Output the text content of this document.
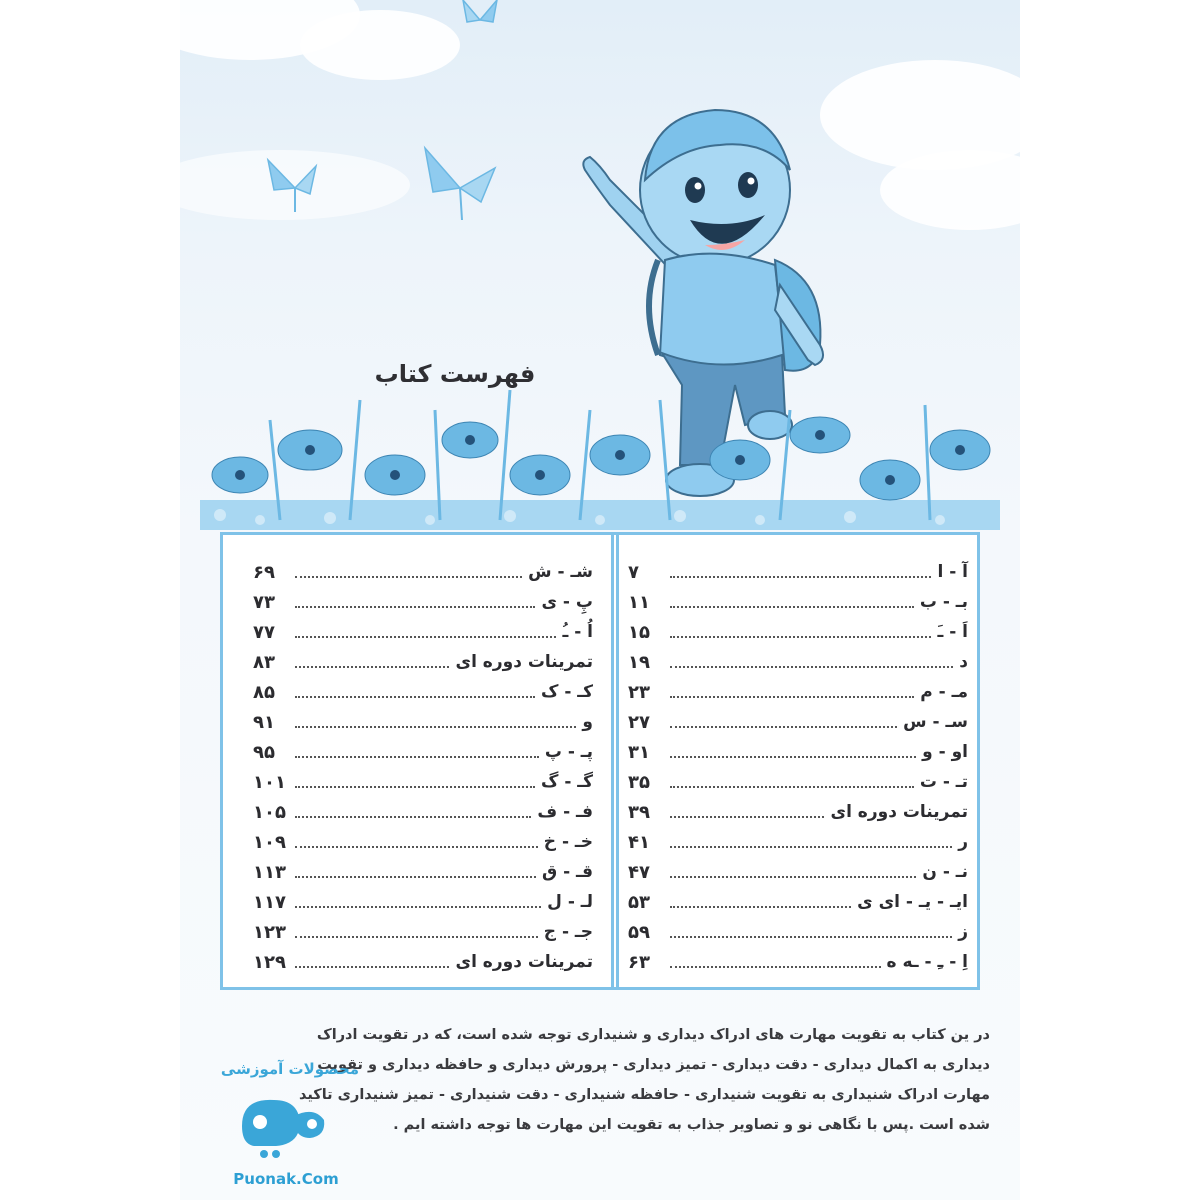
فهرست کتاب
آ - ا
۷
بـ - ب
۱۱
اَ - ـَ
۱۵
د
۱۹
مـ - م
۲۳
سـ - س
۲۷
او - و
۳۱
تـ - ت
۳۵
تمرینات دوره ای
۳۹
ر
۴۱
نـ - ن
۴۷
ایـ - یـ - ای ی
۵۳
ز
۵۹
اِ - ـِ - ـه ه
۶۳
شـ - ش
۶۹
پِ - ی
۷۳
اُ - ـُ
۷۷
تمرینات دوره ای
۸۳
کـ - ک
۸۵
و
۹۱
پـ - پ
۹۵
گـ - گ
۱۰۱
فـ - ف
۱۰۵
خـ - خ
۱۰۹
قـ - ق
۱۱۳
لـ - ل
۱۱۷
جـ - ج
۱۲۳
تمرینات دوره ای
۱۲۹
در ین کتاب به تقویت مهارت های ادراک دیداری و شنیداری توجه شده است، که در تقویت ادراک
دیداری به اکمال دیداری - دقت دیداری - تمیز دیداری - پرورش دیداری و حافظه دیداری و تقویت
مهارت ادراک شنیداری به تقویت شنیداری - حافظه شنیداری - دقت شنیداری - تمیز شنیداری تاکید
شده است .پس با نگاهی نو و تصاویر جذاب به تقویت این مهارت ها توجه داشته ایم .
محصولات آموزشی
Puonak.Com
